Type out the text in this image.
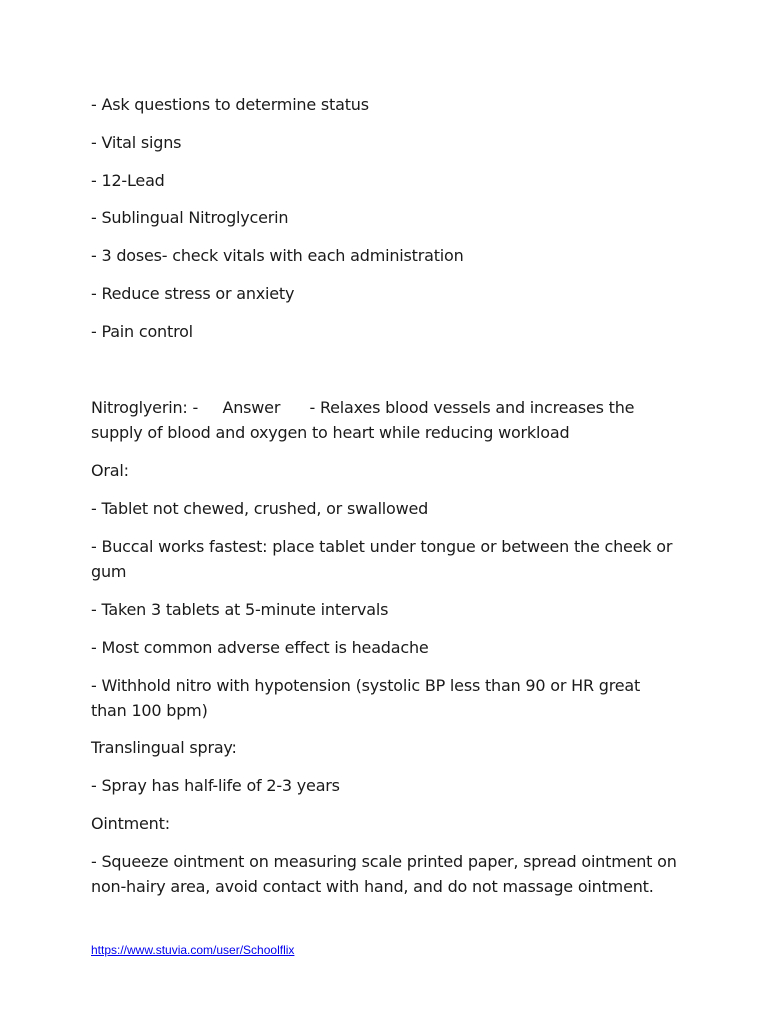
- Ask questions to determine status
- Vital signs
- 12-Lead
- Sublingual Nitroglycerin
- 3 doses- check vitals with each administration
- Reduce stress or anxiety
- Pain control
Nitroglyerin: -     Answer      - Relaxes blood vessels and increases the
supply of blood and oxygen to heart while reducing workload
Oral:
- Tablet not chewed, crushed, or swallowed
- Buccal works fastest: place tablet under tongue or between the cheek or
gum
- Taken 3 tablets at 5-minute intervals
- Most common adverse effect is headache
- Withhold nitro with hypotension (systolic BP less than 90 or HR great
than 100 bpm)
Translingual spray:
- Spray has half-life of 2-3 years
Ointment:
- Squeeze ointment on measuring scale printed paper, spread ointment on
non-hairy area, avoid contact with hand, and do not massage ointment.
https://www.stuvia.com/user/Schoolflix
